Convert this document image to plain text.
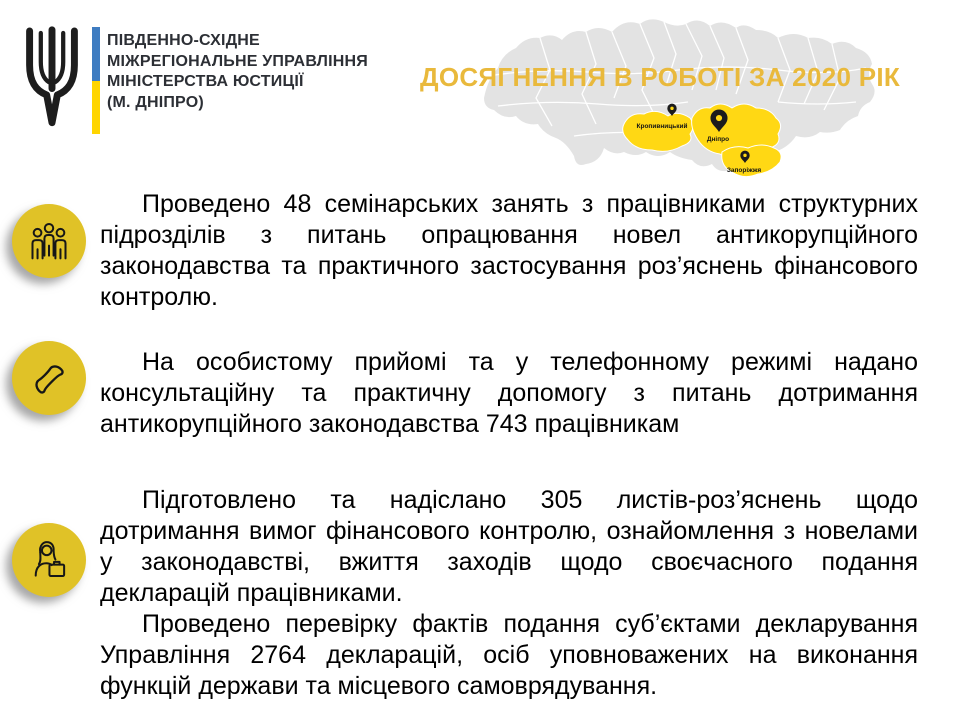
ПІВДЕННО-СХІДНЕ
МІЖРЕГІОНАЛЬНЕ УПРАВЛІННЯ
МІНІСТЕРСТВА ЮСТИЦІЇ
(М. ДНІПРО)
Кропивницький
Дніпро
Запоріжжя
ДОСЯГНЕННЯ В РОБОТІ ЗА 2020 РІК

Проведено 48 семінарських занять з працівниками структурних підрозділів з питань опрацювання новел антикорупційного законодавства та практичного застосування роз’яснень фінансового контролю.

На особистому прийомі та у телефонному режимі надано консультаційну та практичну допомогу з питань дотримання антикорупційного законодавства 743 працівникам

Підготовлено та надіслано 305 листів-роз’яснень щодо дотримання вимог фінансового контролю, ознайомлення з новелами у законодавстві, вжиття заходів щодо своєчасного подання декларацій працівниками.

Проведено перевірку фактів подання суб’єктами декларування Управління 2764 декларацій, осіб уповноважених на виконання функцій держави та місцевого самоврядування.
